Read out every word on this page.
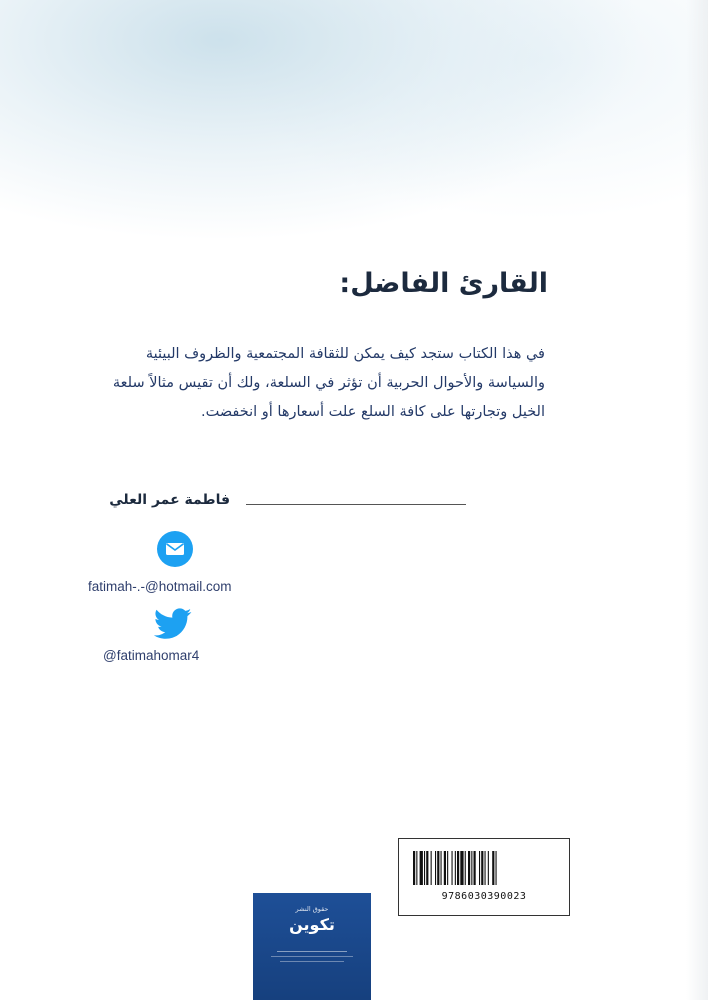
القارئ الفاضل:

في هذا الكتاب ستجد كيف يمكن للثقافة المجتمعية والظروف البيئية والسياسة والأحوال الحربية أن تؤثر في السلعة، ولك أن تقيس مثالاً سلعة الخيل وتجارتها على كافة السلع علت أسعارها أو انخفضت.

فاطمة عمر العلي
fatimah-.-@hotmail.com
@fatimahomar4
9786030390023
حقوق النشر
تكوين
